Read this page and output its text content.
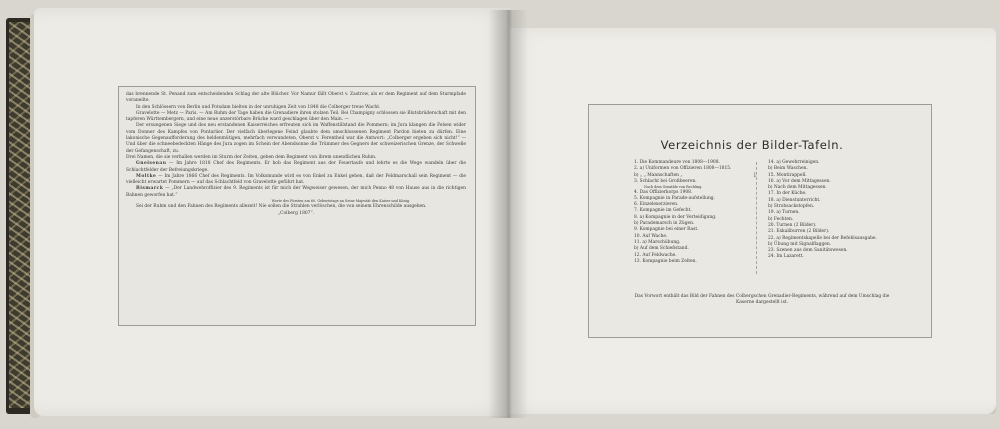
das brennende St. Penand zum entscheidenden Schlag der alte Blücher. Vor Namur fällt Oberst v. Zastrow, als er dem Regiment auf dem Sturmpfade voraneilte.

In den Schlössern von Berlin und Potsdam hielten in der unruhigen Zeit von 1848 die Colberger treue Wacht.

Gravelotte — Metz — Paris. — Am Ruhm der Tage haben die Grenadiere ihren stolzen Teil. Bei Champigny schlossen sie Blutsbrüderschaft mit den tapferen Württembergern, und eine neue unzerstörbare Brücke ward geschlagen über den Main. —

Der ersungenen Siege und des neu erstandenen Kaiserreiches erfreuten sich im Waffenstillstand die Pommern; im Jura klangen die Felsen wider vom Donner des Kampfes von Pontarlier. Der vielfach überlegene Feind glaubte dem umschlossenen Regiment Pardon bieten zu dürfen. Eine lakonische Gegenaufforderung des heldenmütigen, mehrfach verwundeten, Oberst v. Ferentheil war die Antwort: „Colberger ergeben sich nicht!“ — Und über die schneebedeckten Hänge des Jura zogen im Schein der Abendsonne die Trümmer des Gegners der schweizerischen Grenze, der Schwelle der Gefangenschaft, zu.

Drei Namen, die sie verhallen werden im Sturm der Zeiten, geben dem Regiment von ihrem unendlichen Ruhm.

Gneisenau — Im Jahre 1818 Chef des Regiments. Er hob das Regiment aus der Feuertaufe und lehrte es die Wege wandeln über die Schlachtfelder der Befreiungskriege.

Moltke — Im Jahre 1866 Chef des Regiments. Im Volksmunde wird es von Enkel zu Enkel gehen, daß der Feldmarschall sein Regiment — die vielleicht erwartet Pommern — auf das Schlachtfeld von Gravelotte geführt hat.

Bismarck — „Der Landwehroffizier des 9. Regiments ist für mich der Wegweiser gewesen, der mich Penno 48 von Hause aus in die richtigen Bahnen geworfen hat.“

Worte des Fürsten am 60. Geburtstage an Seine Majestät den Kaiser und König.

Sei der Ruhm und den Fahnen des Regiments allezeit! Nie sollen die Strahlen verlöschen, die von seinem Ehrenschilde ausgehen.

„Colberg 1807“.

Verzeichnis der Bilder-Tafeln.
1. Die Kommandeure von 1808—1908.
2. a) Uniformen von Offizieren 1808—1815.
b) „ „ Mannschaften „
3. Schlacht bei Großbeeren.
Nach dem Gemälde von Rechling.
4. Das Offizierkorps 1908.
5. Kompagnie in Parade-aufstellung.
6. Einzelexerzieren.
7. Kompagnie im Gefecht.
8. a) Kompagnie in der Verteidigung.
b) Parademarsch in Zügen.
9. Kompagnie bei einer Rast.
10. Auf Wache.
11. a) Marschübung.
b) Auf dem Schießstand.
12. Auf Feldwache.
13. Kompagnie beim Zelten.
↓
14. a) Gewehrreinigen.
b) Beim Waschen.
15. Montirappell.
16. a) Vor dem Mittagessen.
b) Nach dem Mittagessen.
17. In der Küche.
18. a) Dienstunterricht.
b) Strohsackstopfen.
19. a) Turnen.
b) Fechten.
20. Turnen (2 Bilder).
21. Exkaliburren (2 Bilder).
22. a) Regimentskapelle bei der Befehlsausgabe.
b) Übung mit Signalflaggen.
23. Szenen aus dem Sanitätswesen.
24. Im Lazarett.
Das Vorwort enthält das Bild der Fahnen des Colbergschen Grenadier-Regiments, während auf dem Umschlag die Kaserne dargestellt ist.
